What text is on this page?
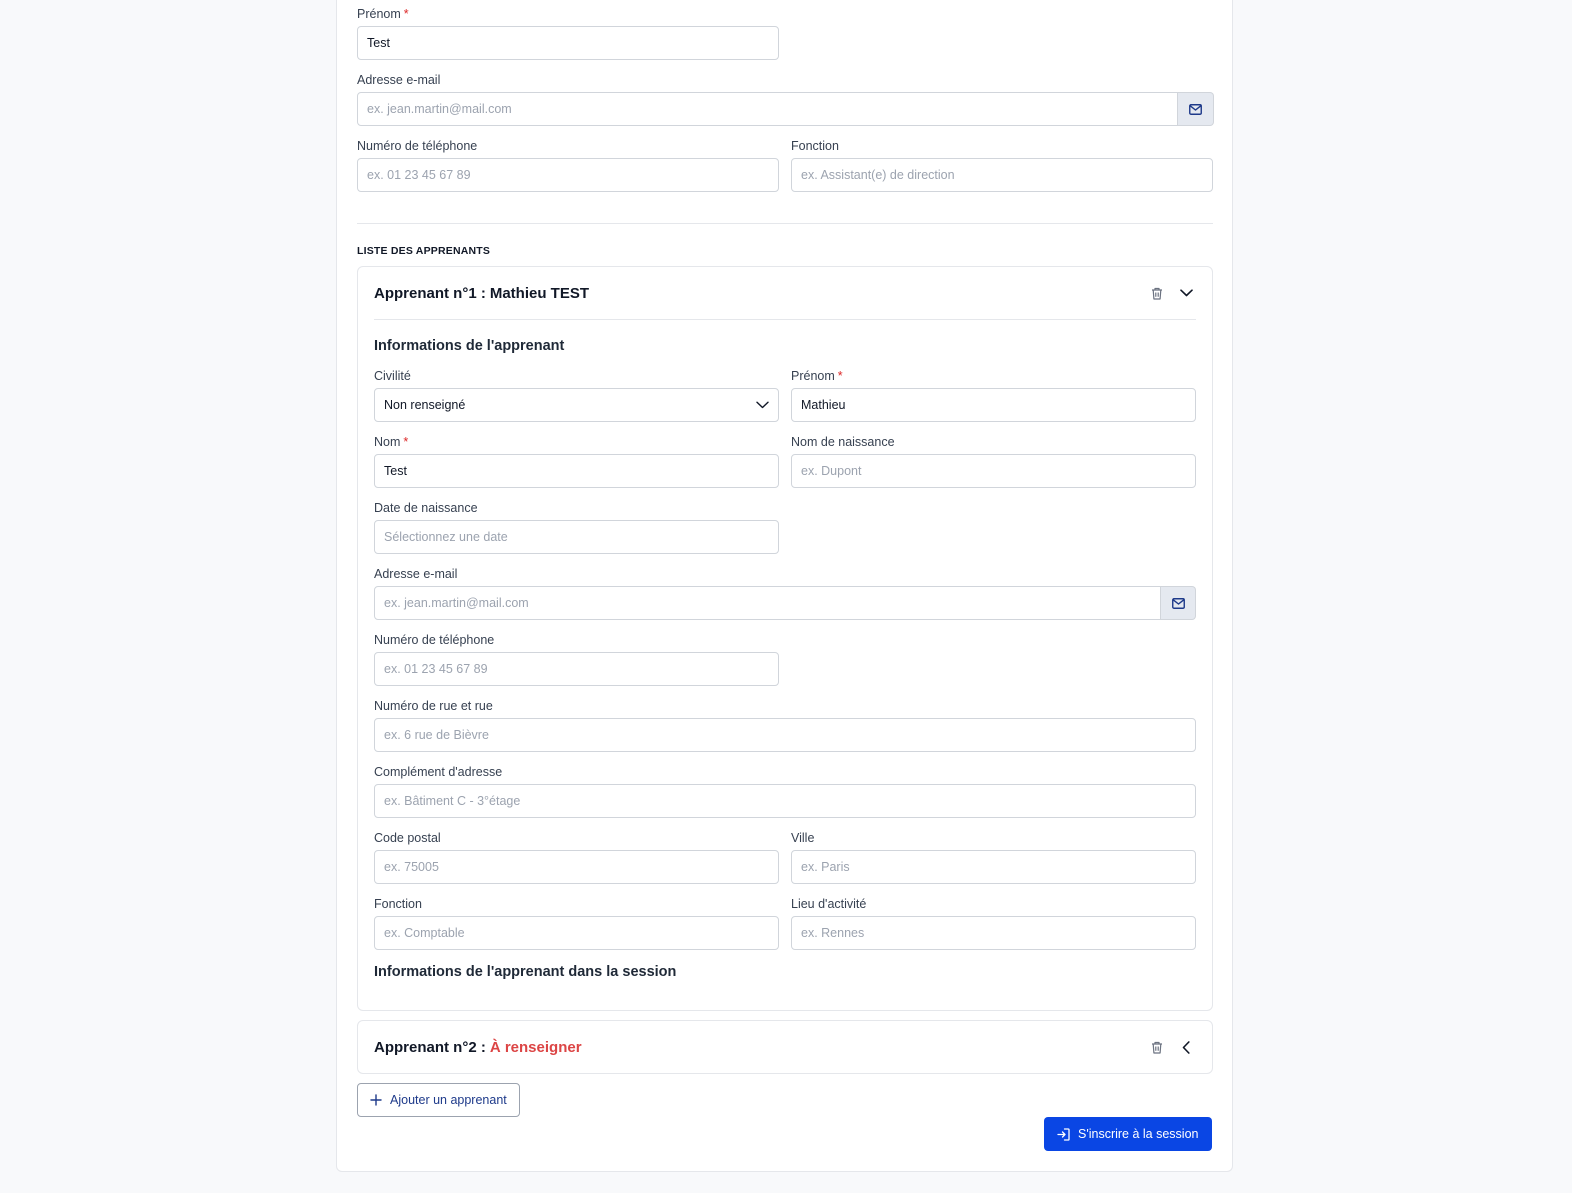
Prénom *
Test
Adresse e-mail
ex. jean.martin@mail.com
Numéro de téléphone
ex. 01 23 45 67 89
Fonction
ex. Assistant(e) de direction
LISTE DES APPRENANTS
Apprenant n°1 : Mathieu TEST
Informations de l'apprenant
Civilité
Non renseigné
Prénom *
Mathieu
Nom *
Test
Nom de naissance
ex. Dupont
Date de naissance
Sélectionnez une date
Adresse e-mail
ex. jean.martin@mail.com
Numéro de téléphone
ex. 01 23 45 67 89
Numéro de rue et rue
ex. 6 rue de Bièvre
Complément d'adresse
ex. Bâtiment C - 3°étage
Code postal
ex. 75005
Ville
ex. Paris
Fonction
ex. Comptable
Lieu d'activité
ex. Rennes
Informations de l'apprenant dans la session
Apprenant n°2 : À renseigner
Ajouter un apprenant
S'inscrire à la session
